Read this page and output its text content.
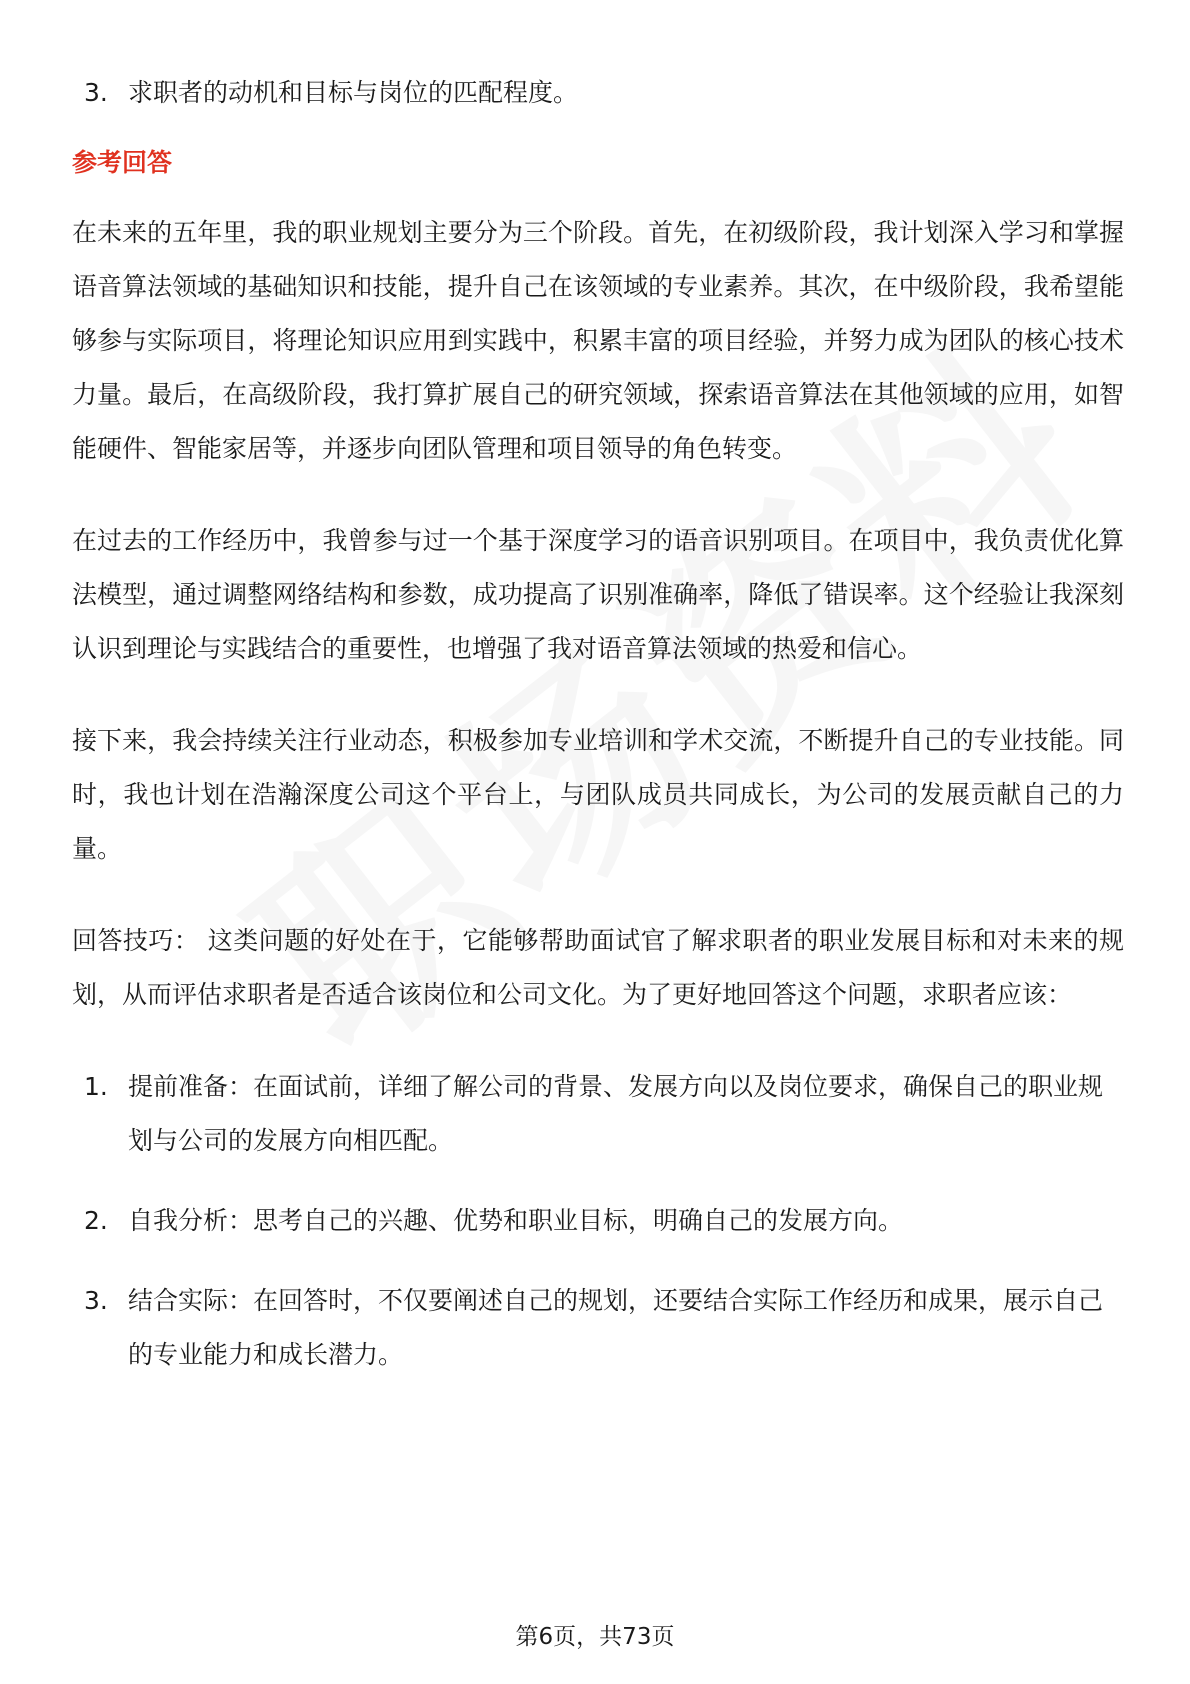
3. 求职者的动机和目标与岗位的匹配程度。
参考回答

在未来的五年里，我的职业规划主要分为三个阶段。首先，在初级阶段，我计划深入学习和掌握语音算法领域的基础知识和技能，提升自己在该领域的专业素养。其次，在中级阶段，我希望能够参与实际项目，将理论知识应用到实践中，积累丰富的项目经验，并努力成为团队的核心技术力量。最后，在高级阶段，我打算扩展自己的研究领域，探索语音算法在其他领域的应用，如智能硬件、智能家居等，并逐步向团队管理和项目领导的角色转变。

在过去的工作经历中，我曾参与过一个基于深度学习的语音识别项目。在项目中，我负责优化算法模型，通过调整网络结构和参数，成功提高了识别准确率，降低了错误率。这个经验让我深刻认识到理论与实践结合的重要性，也增强了我对语音算法领域的热爱和信心。

接下来，我会持续关注行业动态，积极参加专业培训和学术交流，不断提升自己的专业技能。同时，我也计划在浩瀚深度公司这个平台上，与团队成员共同成长，为公司的发展贡献自己的力量。

回答技巧： 这类问题的好处在于，它能够帮助面试官了解求职者的职业发展目标和对未来的规划，从而评估求职者是否适合该岗位和公司文化。为了更好地回答这个问题，求职者应该：

1. 提前准备：在面试前，详细了解公司的背景、发展方向以及岗位要求，确保自己的职业规划与公司的发展方向相匹配。
2. 自我分析：思考自己的兴趣、优势和职业目标，明确自己的发展方向。
3. 结合实际：在回答时，不仅要阐述自己的规划，还要结合实际工作经历和成果，展示自己的专业能力和成长潜力。
第6页，共73页
